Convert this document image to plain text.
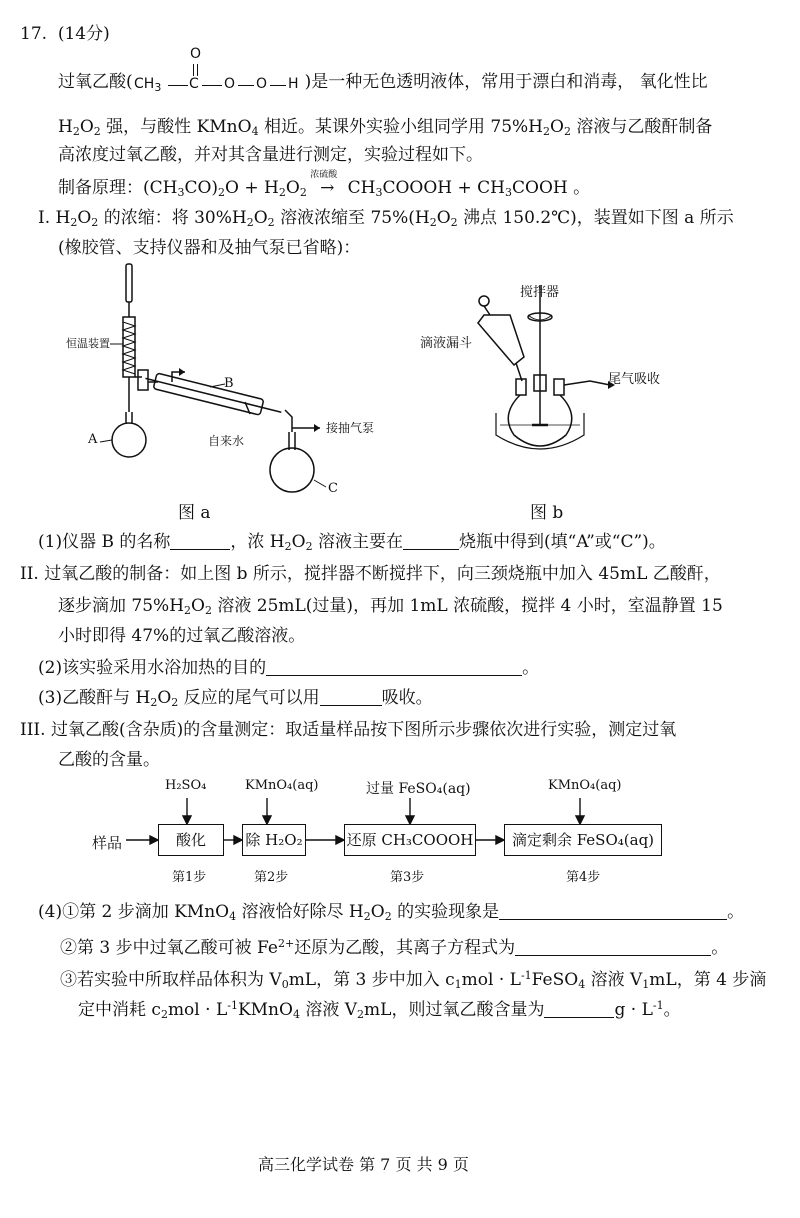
17. (14分)
过氧乙酸(	)是一种无色透明液体，常用于漂白和消毒， 氧化性比
O
$CH_3$ C O O H
$H_2O_2$ 强，与酸性 KMnO$_4$ 相近。某课外实验小组同学用 $75\%H_2O_2$ 溶液与乙酸酐制备
高浓度过氧乙酸，并对其含量进行测定，实验过程如下。
制备原理：$(CH_3CO)_2O + H_2O_2$
浓硫酸
→ $CH_3COOOH$ + $CH_3COOH$ 。
I. $H_2O_2$ 的浓缩：将 $30\%H_2O_2$ 溶液浓缩至 $75\%(H_2O_2$ 沸点 150.2℃)，装置如下图 a 所示
(橡胶管、支持仪器和及抽气泵已省略)：
恒温装置
B
A	自来水
接抽气泵
C
图 a
搅拌器
滴液漏斗
尾气吸收
图 b
(1)仪器 B 的名称	，浓 $H_2O_2$ 溶液主要在	烧瓶中得到(填“A”或“C”)。
II. 过氧乙酸的制备：如上图 b 所示，搅拌器不断搅拌下，向三颈烧瓶中加入 45mL 乙酸酐，
逐步滴加 $75\%H_2O_2$ 溶液 25mL(过量)，再加 1mL 浓硫酸，搅拌 4 小时，室温静置 15
小时即得 47%的过氧乙酸溶液。
(2)该实验采用水浴加热的目的	。
(3)乙酸酐与 $H_2O_2$ 反应的尾气可以用	吸收。
III. 过氧乙酸(含杂质)的含量测定：取适量样品按下图所示步骤依次进行实验，测定过氧
乙酸的含量。
H₂SO₄	KMnO₄(aq)	过量 FeSO₄(aq)	KMnO₄(aq)
样品	酸化	除 H₂O₂	还原 CH₃COOOH	滴定剩余 FeSO₄(aq)
第1步	第2步	第3步	第4步
(4)①第 2 步滴加 KMnO$_4$ 溶液恰好除尽 $H_2O_2$ 的实验现象是	。
②第 3 步中过氧乙酸可被 $Fe^{2+}$还原为乙酸，其离子方程式为	。
③若实验中所取样品体积为 $V_0mL$，第 3 步中加入 $c_1mol$ · $L^{-1}FeSO_4$ 溶液 $V_1mL$，第 4 步滴
定中消耗 $c_2mol$ · $L^{-1}KMnO_4$ 溶液 $V_2mL$，则过氧乙酸含量为	$g \cdot L^{-1}$。
高三化学试卷 第 7 页 共 9 页
